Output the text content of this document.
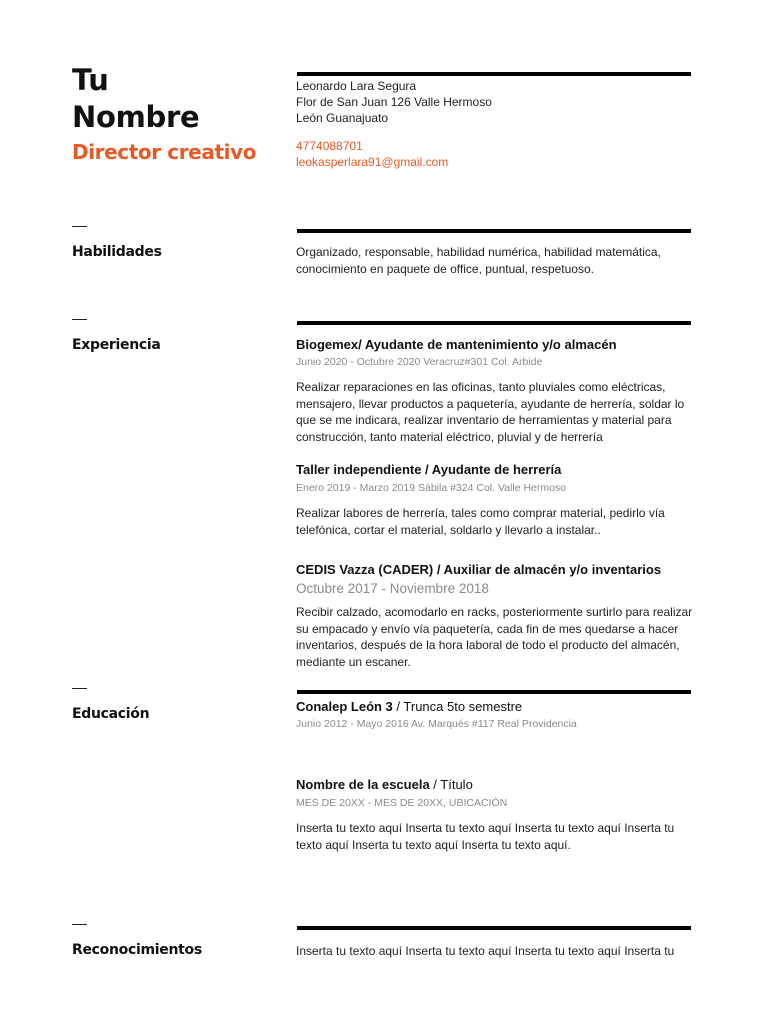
Tu
Nombre
Director creativo
Leonardo Lara Segura
Flor de San Juan 126 Valle Hermoso
León Guanajuato
4774088701
leokasperlara91@gmail.com
Habilidades	Organizado, responsable, habilidad numérica, habilidad matemática, conocimiento en paquete de office, puntual, respetuoso.
Experiencia	Biogemex/ Ayudante de mantenimiento y/o almacén
Junio 2020 - Octubre 2020 Veracruz#301 Col. Arbide
Realizar reparaciones en las oficinas, tanto pluviales como eléctricas, mensajero, llevar productos a paquetería, ayudante de herrería, soldar lo que se me indicara, realizar inventario de herramientas y material para construcción, tanto material eléctrico, pluvial y de herrería
Taller independiente / Ayudante de herrería
Enero 2019 - Marzo 2019 Sábila #324 Col. Valle Hermoso
Realizar labores de herrería, tales como comprar material, pedirlo vía telefónica, cortar el material, soldarlo y llevarlo a instalar..
CEDIS Vazza (CADER) / Auxiliar de almacén y/o inventarios
Octubre 2017 - Noviembre 2018
Recibir calzado, acomodarlo en racks, posteriormente surtirlo para realizar su empacado y envío vía paquetería, cada fin de mes quedarse a hacer inventarios, después de la hora laboral de todo el producto del almacén, mediante un escaner.
Educación	Conalep León 3 / Trunca 5to semestre
Junio 2012 - Mayo 2016 Av. Marqués #117 Real Providencia
Nombre de la escuela / Título
MES DE 20XX - MES DE 20XX, UBICACIÓN
Inserta tu texto aquí Inserta tu texto aquí Inserta tu texto aquí Inserta tu texto aquí Inserta tu texto aquí Inserta tu texto aquí.
Reconocimientos	Inserta tu texto aquí Inserta tu texto aquí Inserta tu texto aquí Inserta tu
